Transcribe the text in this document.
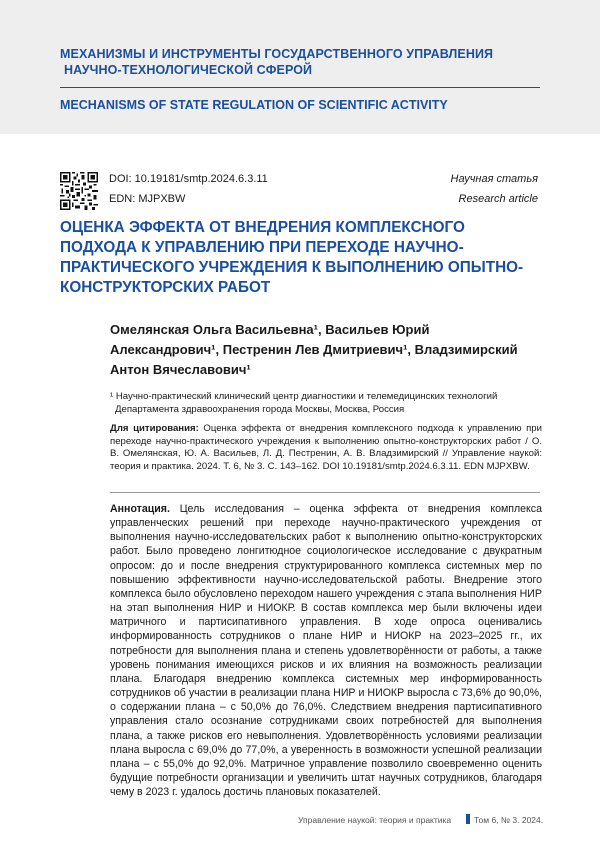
МЕХАНИЗМЫ И ИНСТРУМЕНТЫ ГОСУДАРСТВЕННОГО УПРАВЛЕНИЯ
НАУЧНО-ТЕХНОЛОГИЧЕСКОЙ СФЕРОЙ
MECHANISMS OF STATE REGULATION OF SCIENTIFIC ACTIVITY
DOI: 10.19181/smtp.2024.6.3.11
EDN: MJPXBW
Научная статья
Research article
ОЦЕНКА ЭФФЕКТА ОТ ВНЕДРЕНИЯ КОМПЛЕКСНОГО ПОДХОДА К УПРАВЛЕНИЮ ПРИ ПЕРЕХОДЕ НАУЧНО-ПРАКТИЧЕСКОГО УЧРЕЖДЕНИЯ К ВЫПОЛНЕНИЮ ОПЫТНО-КОНСТРУКТОРСКИХ РАБОТ
Омелянская Ольга Васильевна¹, Васильев Юрий Александрович¹, Пестренин Лев Дмитриевич¹, Владзимирский Антон Вячеславович¹
¹ Научно-практический клинический центр диагностики и телемедицинских технологий
Департамента здравоохранения города Москвы, Москва, Россия
Для цитирования: Оценка эффекта от внедрения комплексного подхода к управлению при переходе научно-практического учреждения к выполнению опытно-конструкторских работ / О. В. Омелянская, Ю. А. Васильев, Л. Д. Пестренин, А. В. Владзимирский // Управление наукой: теория и практика. 2024. Т. 6, № 3. С. 143–162. DOI 10.19181/smtp.2024.6.3.11. EDN MJPXBW.
Аннотация. Цель исследования – оценка эффекта от внедрения комплекса управленческих решений при переходе научно-практического учреждения от выполнения научно-исследовательских работ к выполнению опытно-конструкторских работ. Было проведено лонгитюдное социологическое исследование с двукратным опросом: до и после внедрения структурированного комплекса системных мер по повышению эффективности научно-исследовательской работы. Внедрение этого комплекса было обусловлено переходом нашего учреждения с этапа выполнения НИР на этап выполнения НИР и НИОКР. В состав комплекса мер были включены идеи матричного и партисипативного управления. В ходе опроса оценивались информированность сотрудников о плане НИР и НИОКР на 2023–2025 гг., их потребности для выполнения плана и степень удовлетворённости от работы, а также уровень понимания имеющихся рисков и их влияния на возможность реализации плана. Благодаря внедрению комплекса системных мер информированность сотрудников об участии в реализации плана НИР и НИОКР выросла с 73,6% до 90,0%, о содержании плана – с 50,0% до 76,0%. Следствием внедрения партисипативного управления стало осознание сотрудниками своих потребностей для выполнения плана, а также рисков его невыполнения. Удовлетворённость условиями реализации плана выросла с 69,0% до 77,0%, а уверенность в возможности успешной реализации плана – с 55,0% до 92,0%. Матричное управление позволило своевременно оценить будущие потребности организации и увеличить штат научных сотрудников, благодаря чему в 2023 г. удалось достичь плановых показателей.
Управление наукой: теория и практика	Том 6, № 3. 2024.
